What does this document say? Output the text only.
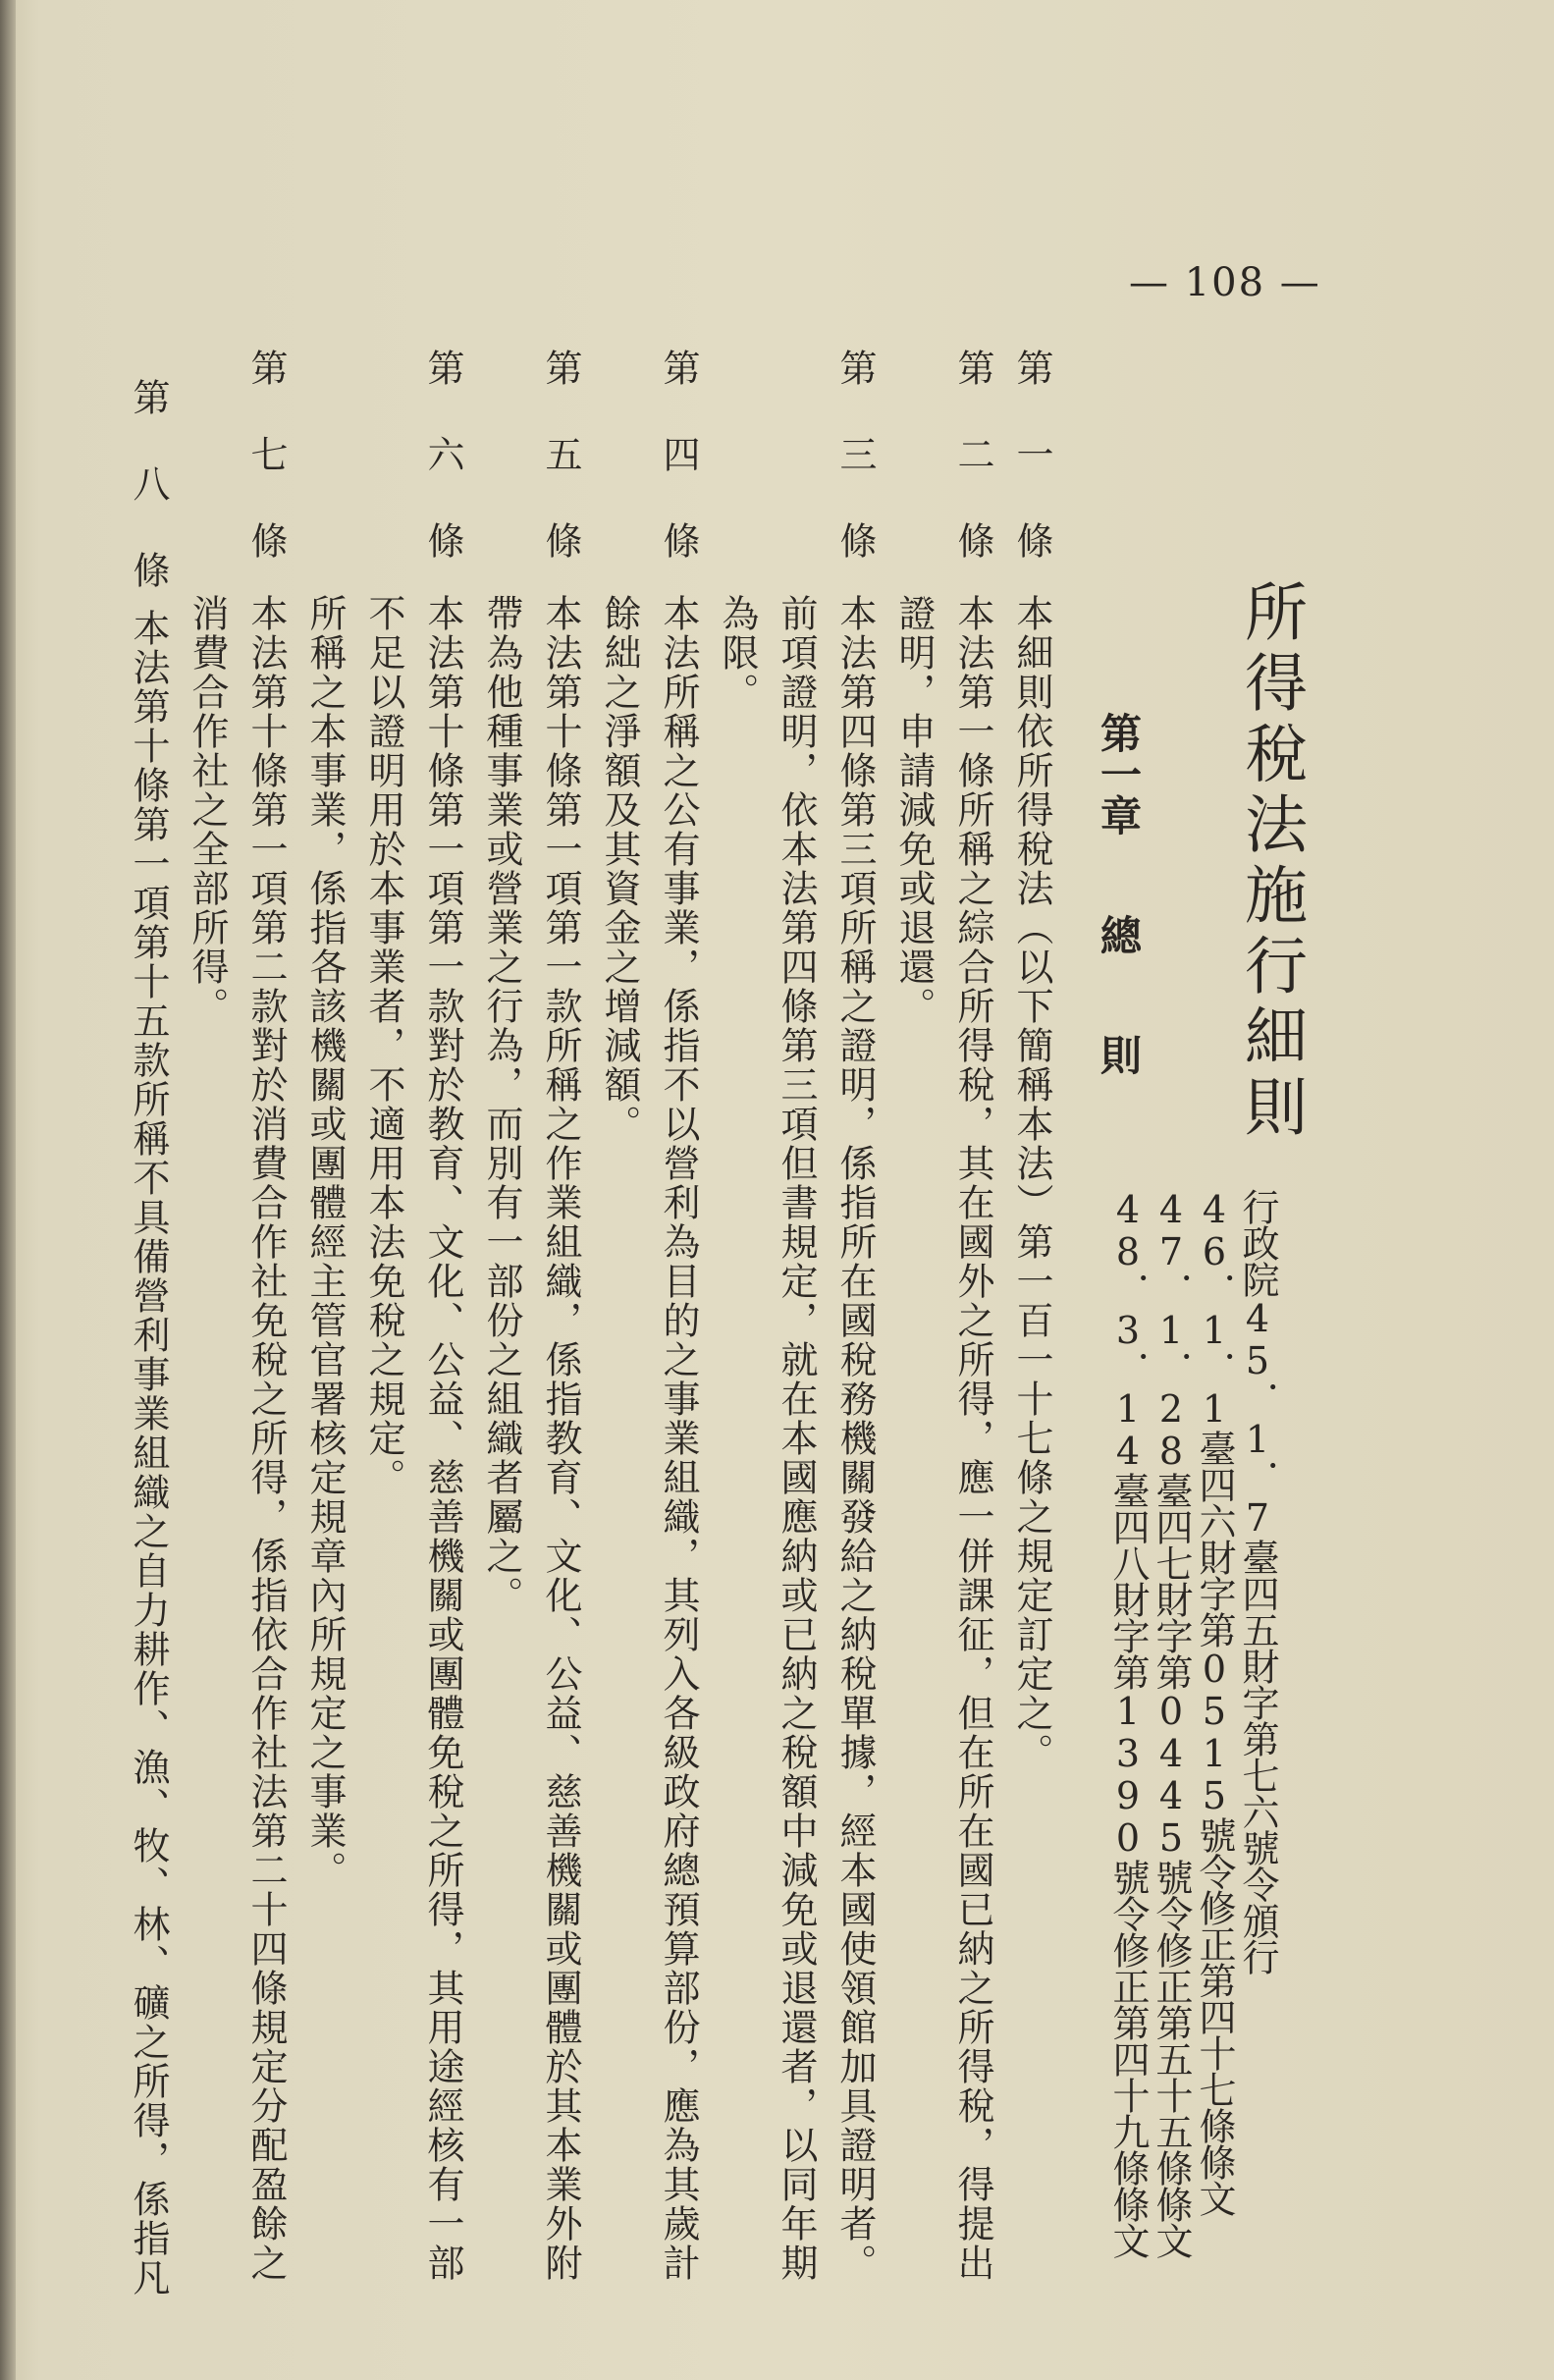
— 108 —
所得稅法施行細則
第一章總則
行政院45．1．7臺四五財字第七六號令頒行
46．1．1臺四六財字第0515號令修正第四十七條條文
47．1．28臺四七財字第0445號令修正第五十五條條文
48．3．14臺四八財字第1390號令修正第四十九條條文
第 一 條
本細則依所得稅法（以下簡稱本法）第一百一十七條之規定訂定之。
第 二 條
本法第一條所稱之綜合所得稅，其在國外之所得，應一併課征，但在所在國已納之所得稅，得提出
證明，申請減免或退還。
第 三 條
本法第四條第三項所稱之證明，係指所在國稅務機關發給之納稅單據，經本國使領館加具證明者。
前項證明，依本法第四條第三項但書規定，就在本國應納或已納之稅額中減免或退還者，以同年期
為限。
第 四 條
本法所稱之公有事業，係指不以營利為目的之事業組織，其列入各級政府總預算部份，應為其歲計
餘絀之淨額及其資金之增減額。
第 五 條
本法第十條第一項第一款所稱之作業組織，係指教育、文化、公益、慈善機關或團體於其本業外附
帶為他種事業或營業之行為，而別有一部份之組織者屬之。
第 六 條
本法第十條第一項第一款對於教育、文化、公益、慈善機關或團體免稅之所得，其用途經核有一部
不足以證明用於本事業者，不適用本法免稅之規定。
所稱之本事業，係指各該機關或團體經主管官署核定規章內所規定之事業。
第 七 條
本法第十條第一項第二款對於消費合作社免稅之所得，係指依合作社法第二十四條規定分配盈餘之
消費合作社之全部所得。
第 八 條
本法第十條第一項第十五款所稱不具備營利事業組織之自力耕作、漁、牧、林、礦之所得，係指凡
